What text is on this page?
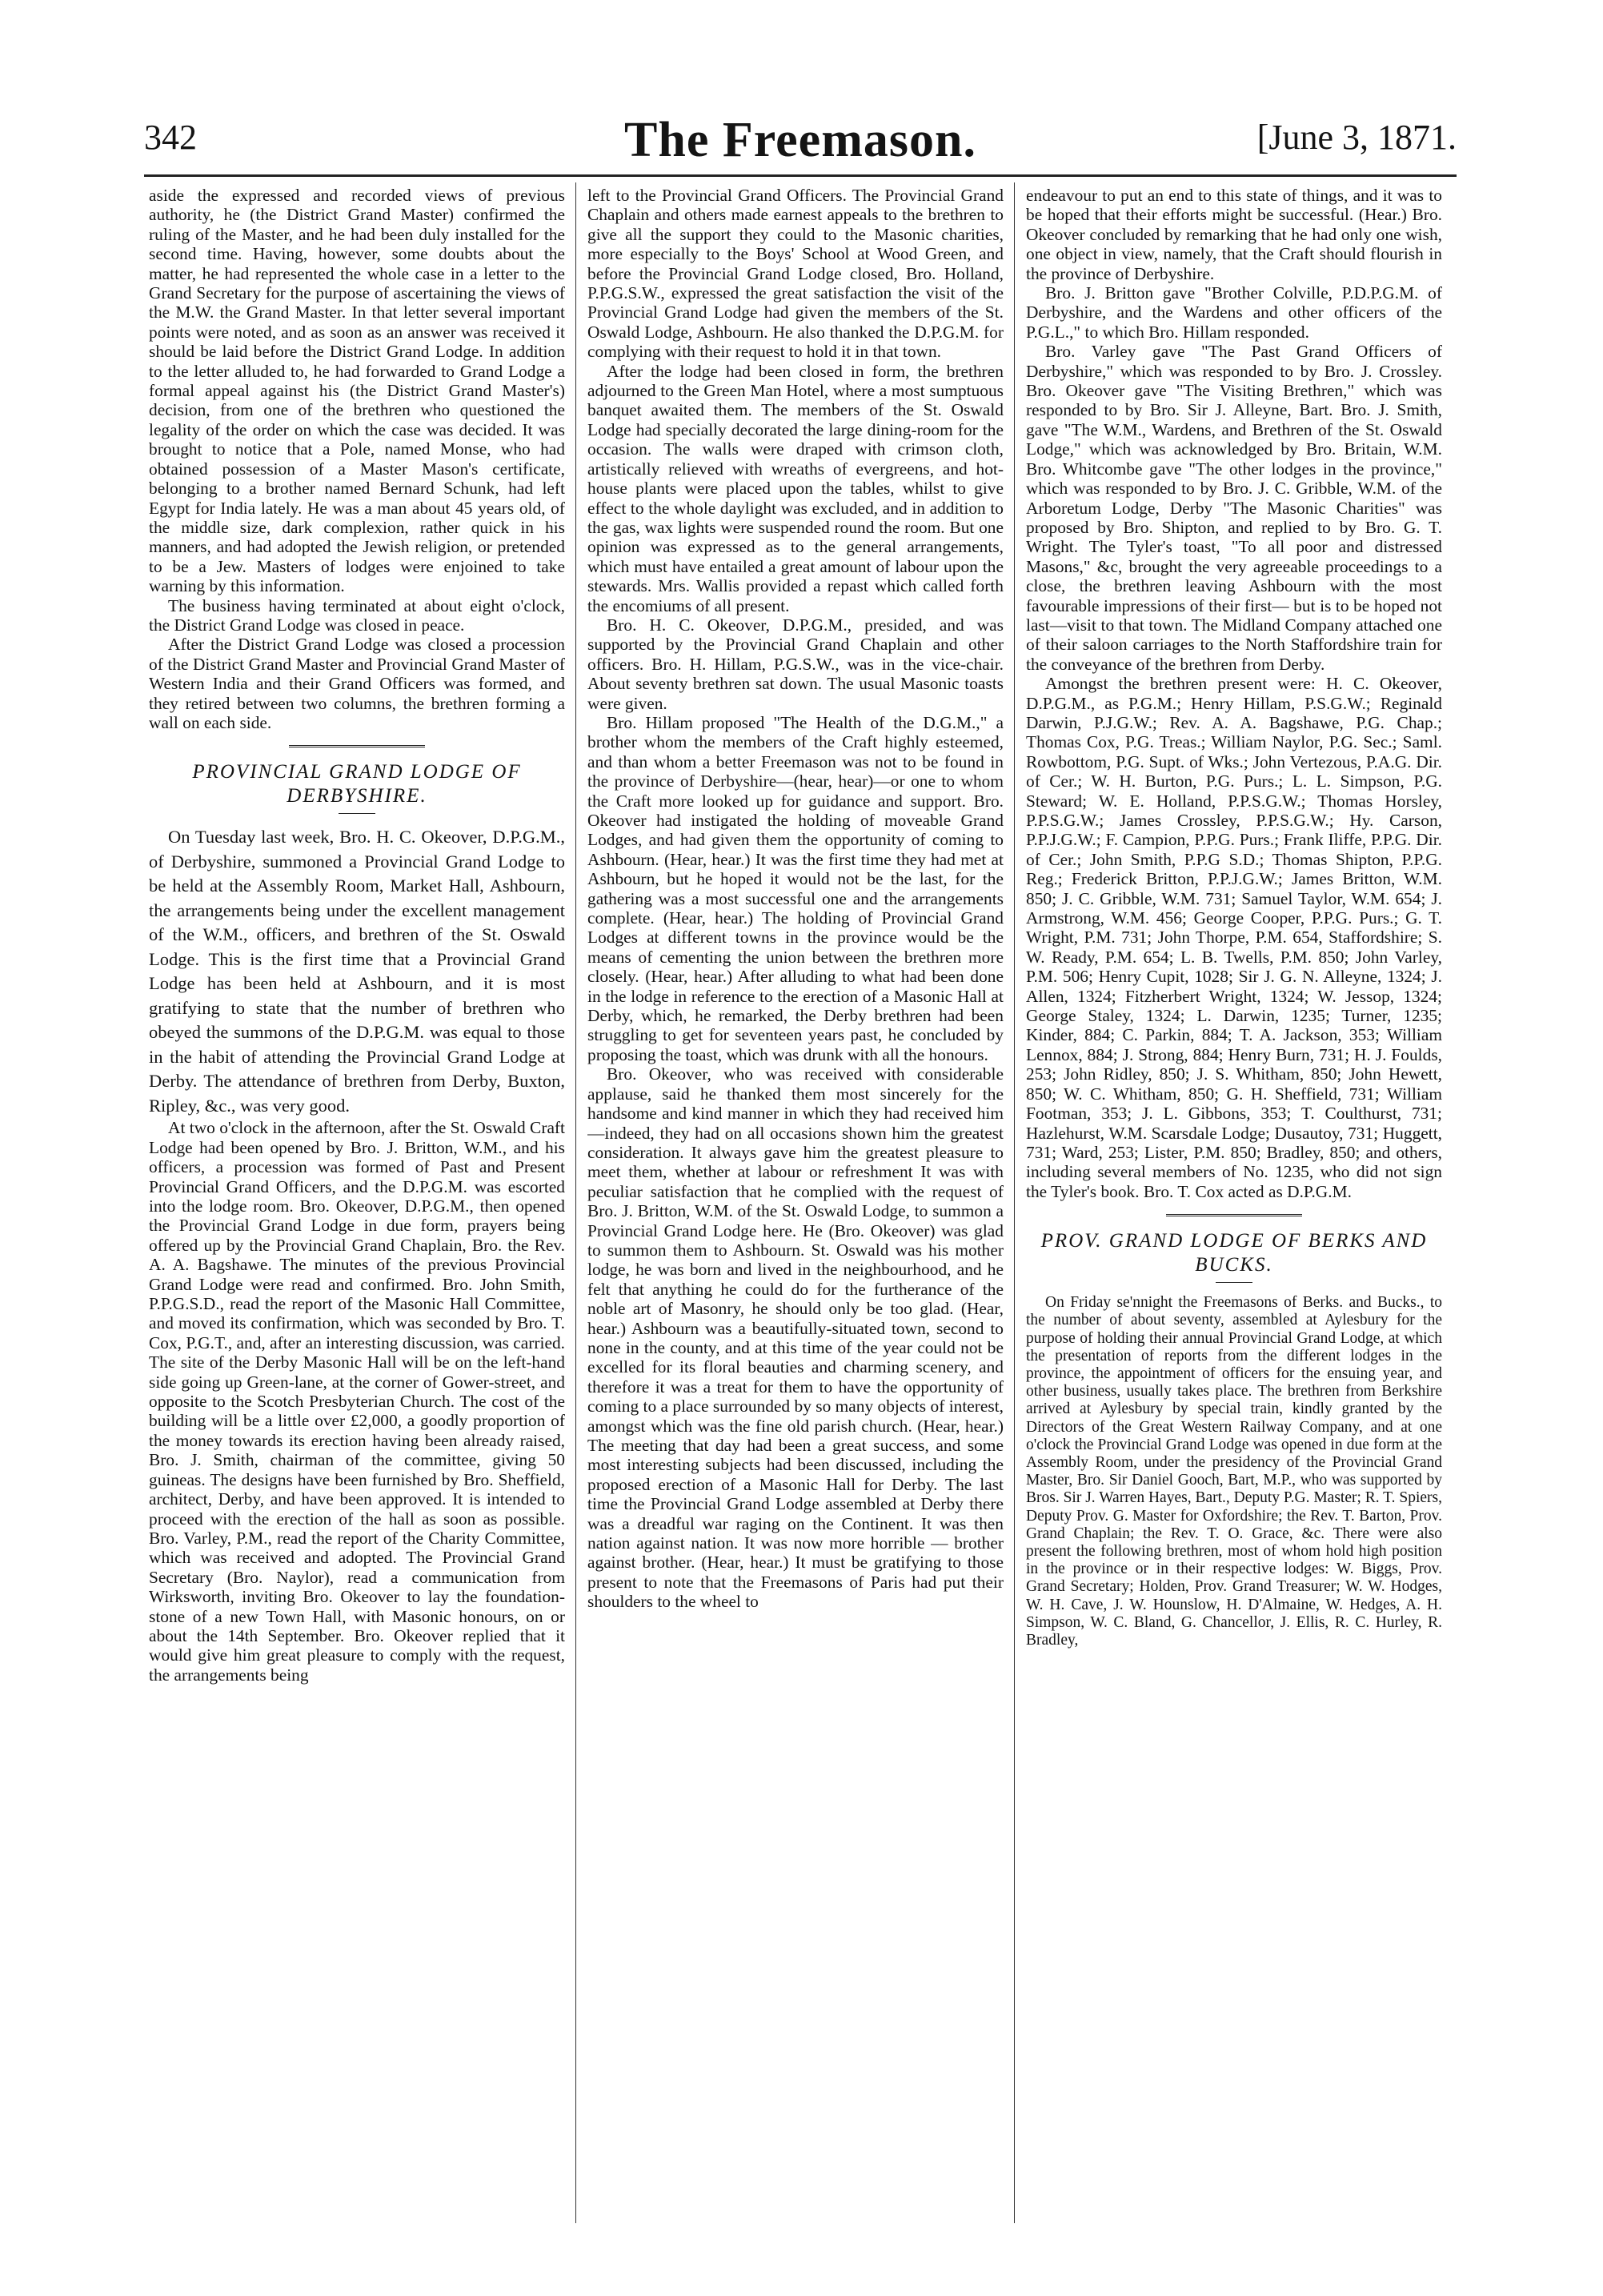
342	The Freemason.	[June 3, 1871.

aside the expressed and recorded views of previous authority, he (the District Grand Master) confirmed the ruling of the Master, and he had been duly installed for the second time. Having, however, some doubts about the matter, he had represented the whole case in a letter to the Grand Secretary for the purpose of ascertaining the views of the M.W. the Grand Master. In that letter several important points were noted, and as soon as an answer was received it should be laid before the District Grand Lodge. In addition to the letter alluded to, he had forwarded to Grand Lodge a formal appeal against his (the District Grand Master's) decision, from one of the brethren who questioned the legality of the order on which the case was decided. It was brought to notice that a Pole, named Monse, who had obtained possession of a Master Mason's certificate, belonging to a brother named Bernard Schunk, had left Egypt for India lately. He was a man about 45 years old, of the middle size, dark complexion, rather quick in his manners, and had adopted the Jewish religion, or pretended to be a Jew. Masters of lodges were enjoined to take warning by this information.

The business having terminated at about eight o'clock, the District Grand Lodge was closed in peace.

After the District Grand Lodge was closed a procession of the District Grand Master and Provincial Grand Master of Western India and their Grand Officers was formed, and they retired between two columns, the brethren forming a wall on each side.

PROVINCIAL GRAND LODGE OF DERBYSHIRE.

On Tuesday last week, Bro. H. C. Okeover, D.P.G.M., of Derbyshire, summoned a Provincial Grand Lodge to be held at the Assembly Room, Market Hall, Ashbourn, the arrangements being under the excellent management of the W.M., officers, and brethren of the St. Oswald Lodge. This is the first time that a Provincial Grand Lodge has been held at Ashbourn, and it is most gratifying to state that the number of brethren who obeyed the summons of the D.P.G.M. was equal to those in the habit of attending the Provincial Grand Lodge at Derby. The attendance of brethren from Derby, Buxton, Ripley, &c., was very good.

At two o'clock in the afternoon, after the St. Oswald Craft Lodge had been opened by Bro. J. Britton, W.M., and his officers, a procession was formed of Past and Present Provincial Grand Officers, and the D.P.G.M. was escorted into the lodge room. Bro. Okeover, D.P.G.M., then opened the Provincial Grand Lodge in due form, prayers being offered up by the Provincial Grand Chaplain, Bro. the Rev. A. A. Bagshawe. The minutes of the previous Provincial Grand Lodge were read and confirmed. Bro. John Smith, P.P.G.S.D., read the report of the Masonic Hall Committee, and moved its confirmation, which was seconded by Bro. T. Cox, P.G.T., and, after an interesting discussion, was carried. The site of the Derby Masonic Hall will be on the left-hand side going up Green-lane, at the corner of Gower-street, and opposite to the Scotch Presbyterian Church. The cost of the building will be a little over £2,000, a goodly proportion of the money towards its erection having been already raised, Bro. J. Smith, chairman of the committee, giving 50 guineas. The designs have been furnished by Bro. Sheffield, architect, Derby, and have been approved. It is intended to proceed with the erection of the hall as soon as possible. Bro. Varley, P.M., read the report of the Charity Committee, which was received and adopted. The Provincial Grand Secretary (Bro. Naylor), read a communication from Wirksworth, inviting Bro. Okeover to lay the foundation-stone of a new Town Hall, with Masonic honours, on or about the 14th September. Bro. Okeover replied that it would give him great pleasure to comply with the request, the arrangements being

left to the Provincial Grand Officers. The Provincial Grand Chaplain and others made earnest appeals to the brethren to give all the support they could to the Masonic charities, more especially to the Boys' School at Wood Green, and before the Provincial Grand Lodge closed, Bro. Holland, P.P.G.S.W., expressed the great satisfaction the visit of the Provincial Grand Lodge had given the members of the St. Oswald Lodge, Ashbourn. He also thanked the D.P.G.M. for complying with their request to hold it in that town.

After the lodge had been closed in form, the brethren adjourned to the Green Man Hotel, where a most sumptuous banquet awaited them. The members of the St. Oswald Lodge had specially decorated the large dining-room for the occasion. The walls were draped with crimson cloth, artistically relieved with wreaths of evergreens, and hot-house plants were placed upon the tables, whilst to give effect to the whole daylight was excluded, and in addition to the gas, wax lights were suspended round the room. But one opinion was expressed as to the general arrangements, which must have entailed a great amount of labour upon the stewards. Mrs. Wallis provided a repast which called forth the encomiums of all present.

Bro. H. C. Okeover, D.P.G.M., presided, and was supported by the Provincial Grand Chaplain and other officers. Bro. H. Hillam, P.G.S.W., was in the vice-chair. About seventy brethren sat down. The usual Masonic toasts were given.

Bro. Hillam proposed "The Health of the D.G.M.," a brother whom the members of the Craft highly esteemed, and than whom a better Freemason was not to be found in the province of Derbyshire—(hear, hear)—or one to whom the Craft more looked up for guidance and support. Bro. Okeover had instigated the holding of moveable Grand Lodges, and had given them the opportunity of coming to Ashbourn. (Hear, hear.) It was the first time they had met at Ashbourn, but he hoped it would not be the last, for the gathering was a most successful one and the arrangements complete. (Hear, hear.) The holding of Provincial Grand Lodges at different towns in the province would be the means of cementing the union between the brethren more closely. (Hear, hear.) After alluding to what had been done in the lodge in reference to the erection of a Masonic Hall at Derby, which, he remarked, the Derby brethren had been struggling to get for seventeen years past, he concluded by proposing the toast, which was drunk with all the honours.

Bro. Okeover, who was received with considerable applause, said he thanked them most sincerely for the handsome and kind manner in which they had received him—indeed, they had on all occasions shown him the greatest consideration. It always gave him the greatest pleasure to meet them, whether at labour or refreshment It was with peculiar satisfaction that he complied with the request of Bro. J. Britton, W.M. of the St. Oswald Lodge, to summon a Provincial Grand Lodge here. He (Bro. Okeover) was glad to summon them to Ashbourn. St. Oswald was his mother lodge, he was born and lived in the neighbourhood, and he felt that anything he could do for the furtherance of the noble art of Masonry, he should only be too glad. (Hear, hear.) Ashbourn was a beautifully-situated town, second to none in the county, and at this time of the year could not be excelled for its floral beauties and charming scenery, and therefore it was a treat for them to have the opportunity of coming to a place surrounded by so many objects of interest, amongst which was the fine old parish church. (Hear, hear.) The meeting that day had been a great success, and some most interesting subjects had been discussed, including the proposed erection of a Masonic Hall for Derby. The last time the Provincial Grand Lodge assembled at Derby there was a dreadful war raging on the Continent. It was then nation against nation. It was now more horrible — brother against brother. (Hear, hear.) It must be gratifying to those present to note that the Freemasons of Paris had put their shoulders to the wheel to

endeavour to put an end to this state of things, and it was to be hoped that their efforts might be successful. (Hear.) Bro. Okeover concluded by remarking that he had only one wish, one object in view, namely, that the Craft should flourish in the province of Derbyshire.

Bro. J. Britton gave "Brother Colville, P.D.P.G.M. of Derbyshire, and the Wardens and other officers of the P.G.L.," to which Bro. Hillam responded.

Bro. Varley gave "The Past Grand Officers of Derbyshire," which was responded to by Bro. J. Crossley. Bro. Okeover gave "The Visiting Brethren," which was responded to by Bro. Sir J. Alleyne, Bart. Bro. J. Smith, gave "The W.M., Wardens, and Brethren of the St. Oswald Lodge," which was acknowledged by Bro. Britain, W.M. Bro. Whitcombe gave "The other lodges in the province," which was responded to by Bro. J. C. Gribble, W.M. of the Arboretum Lodge, Derby "The Masonic Charities" was proposed by Bro. Shipton, and replied to by Bro. G. T. Wright. The Tyler's toast, "To all poor and distressed Masons," &c, brought the very agreeable proceedings to a close, the brethren leaving Ashbourn with the most favourable impressions of their first— but is to be hoped not last—visit to that town. The Midland Company attached one of their saloon carriages to the North Staffordshire train for the conveyance of the brethren from Derby.

Amongst the brethren present were: H. C. Okeover, D.P.G.M., as P.G.M.; Henry Hillam, P.S.G.W.; Reginald Darwin, P.J.G.W.; Rev. A. A. Bagshawe, P.G. Chap.; Thomas Cox, P.G. Treas.; William Naylor, P.G. Sec.; Saml. Rowbottom, P.G. Supt. of Wks.; John Vertezous, P.A.G. Dir. of Cer.; W. H. Burton, P.G. Purs.; L. L. Simpson, P.G. Steward; W. E. Holland, P.P.S.G.W.; Thomas Horsley, P.P.S.G.W.; James Crossley, P.P.S.G.W.; Hy. Carson, P.P.J.G.W.; F. Campion, P.P.G. Purs.; Frank Iliffe, P.P.G. Dir. of Cer.; John Smith, P.P.G S.D.; Thomas Shipton, P.P.G. Reg.; Frederick Britton, P.P.J.G.W.; James Britton, W.M. 850; J. C. Gribble, W.M. 731; Samuel Taylor, W.M. 654; J. Armstrong, W.M. 456; George Cooper, P.P.G. Purs.; G. T. Wright, P.M. 731; John Thorpe, P.M. 654, Staffordshire; S. W. Ready, P.M. 654; L. B. Twells, P.M. 850; John Varley, P.M. 506; Henry Cupit, 1028; Sir J. G. N. Alleyne, 1324; J. Allen, 1324; Fitzherbert Wright, 1324; W. Jessop, 1324; George Staley, 1324; L. Darwin, 1235; Turner, 1235; Kinder, 884; C. Parkin, 884; T. A. Jackson, 353; William Lennox, 884; J. Strong, 884; Henry Burn, 731; H. J. Foulds, 253; John Ridley, 850; J. S. Whitham, 850; John Hewett, 850; W. C. Whitham, 850; G. H. Sheffield, 731; William Footman, 353; J. L. Gibbons, 353; T. Coulthurst, 731; Hazlehurst, W.M. Scarsdale Lodge; Dusautoy, 731; Huggett, 731; Ward, 253; Lister, P.M. 850; Bradley, 850; and others, including several members of No. 1235, who did not sign the Tyler's book. Bro. T. Cox acted as D.P.G.M.

PROV. GRAND LODGE OF BERKS AND BUCKS.

On Friday se'nnight the Freemasons of Berks. and Bucks., to the number of about seventy, assembled at Aylesbury for the purpose of holding their annual Provincial Grand Lodge, at which the presentation of reports from the different lodges in the province, the appointment of officers for the ensuing year, and other business, usually takes place. The brethren from Berkshire arrived at Aylesbury by special train, kindly granted by the Directors of the Great Western Railway Company, and at one o'clock the Provincial Grand Lodge was opened in due form at the Assembly Room, under the presidency of the Provincial Grand Master, Bro. Sir Daniel Gooch, Bart, M.P., who was supported by Bros. Sir J. Warren Hayes, Bart., Deputy P.G. Master; R. T. Spiers, Deputy Prov. G. Master for Oxfordshire; the Rev. T. Barton, Prov. Grand Chaplain; the Rev. T. O. Grace, &c. There were also present the following brethren, most of whom hold high position in the province or in their respective lodges: W. Biggs, Prov. Grand Secretary; Holden, Prov. Grand Treasurer; W. W. Hodges, W. H. Cave, J. W. Hounslow, H. D'Almaine, W. Hedges, A. H. Simpson, W. C. Bland, G. Chancellor, J. Ellis, R. C. Hurley, R. Bradley,
